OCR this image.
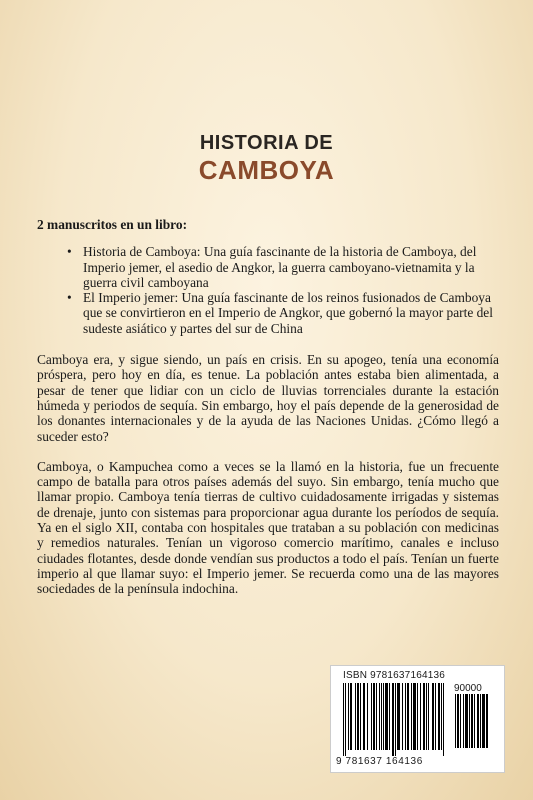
HISTORIA DE
CAMBOYA
2 manuscritos en un libro:
• Historia de Camboya: Una guía fascinante de la historia de Camboya, del Imperio jemer, el asedio de Angkor, la guerra camboyano-vietnamita y la guerra civil camboyana
• El Imperio jemer: Una guía fascinante de los reinos fusionados de Camboya que se convirtieron en el Imperio de Angkor, que gobernó la mayor parte del sudeste asiático y partes del sur de China

Camboya era, y sigue siendo, un país en crisis. En su apogeo, tenía una economía próspera, pero hoy en día, es tenue. La población antes estaba bien alimentada, a pesar de tener que lidiar con un ciclo de lluvias torrenciales durante la estación húmeda y periodos de sequía. Sin embargo, hoy el país depende de la generosidad de los donantes internacionales y de la ayuda de las Naciones Unidas. ¿Cómo llegó a suceder esto?

Camboya, o Kampuchea como a veces se la llamó en la historia, fue un frecuente campo de batalla para otros países además del suyo. Sin embargo, tenía mucho que llamar propio. Camboya tenía tierras de cultivo cuidadosamente irrigadas y sistemas de drenaje, junto con sistemas para proporcionar agua durante los períodos de sequía. Ya en el siglo XII, contaba con hospitales que trataban a su población con medicinas y remedios naturales. Tenían un vigoroso comercio marítimo, canales e incluso ciudades flotantes, desde donde vendían sus productos a todo el país. Tenían un fuerte imperio al que llamar suyo: el Imperio jemer. Se recuerda como una de las mayores sociedades de la península indochina.

ISBN 9781637164136
90000
9 781637 164136
